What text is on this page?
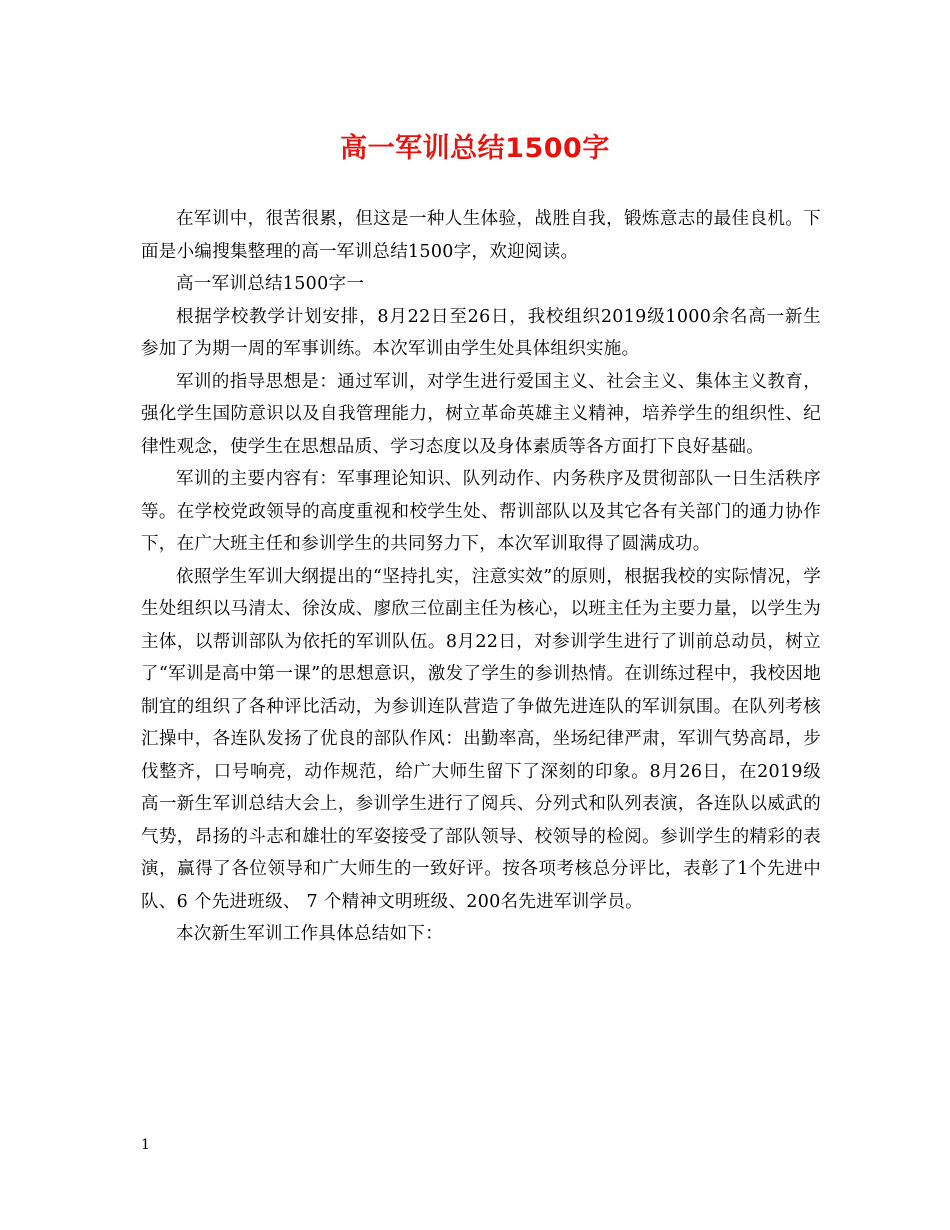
高一军训总结1500字

在军训中，很苦很累，但这是一种人生体验，战胜自我，锻炼意志的最佳良机。下面是小编搜集整理的高一军训总结1500字，欢迎阅读。

高一军训总结1500字一

根据学校教学计划安排，8月22日至26日，我校组织2019级1000余名高一新生参加了为期一周的军事训练。本次军训由学生处具体组织实施。

军训的指导思想是：通过军训，对学生进行爱国主义、社会主义、集体主义教育，强化学生国防意识以及自我管理能力，树立革命英雄主义精神，培养学生的组织性、纪律性观念，使学生在思想品质、学习态度以及身体素质等各方面打下良好基础。

军训的主要内容有：军事理论知识、队列动作、内务秩序及贯彻部队一日生活秩序等。在学校党政领导的高度重视和校学生处、帮训部队以及其它各有关部门的通力协作下，在广大班主任和参训学生的共同努力下，本次军训取得了圆满成功。

依照学生军训大纲提出的“坚持扎实，注意实效”的原则，根据我校的实际情况，学生处组织以马清太、徐汝成、廖欣三位副主任为核心，以班主任为主要力量，以学生为主体，以帮训部队为依托的军训队伍。8月22日，对参训学生进行了训前总动员，树立了“军训是高中第一课”的思想意识，激发了学生的参训热情。在训练过程中，我校因地制宜的组织了各种评比活动，为参训连队营造了争做先进连队的军训氛围。在队列考核汇操中，各连队发扬了优良的部队作风：出勤率高，坐场纪律严肃，军训气势高昂，步伐整齐，口号响亮，动作规范，给广大师生留下了深刻的印象。8月26日，在2019级高一新生军训总结大会上，参训学生进行了阅兵、分列式和队列表演，各连队以威武的气势，昂扬的斗志和雄壮的军姿接受了部队领导、校领导的检阅。参训学生的精彩的表演，赢得了各位领导和广大师生的一致好评。按各项考核总分评比，表彰了1个先进中队、6 个先进班级、 7 个精神文明班级、200名先进军训学员。

本次新生军训工作具体总结如下：

1
